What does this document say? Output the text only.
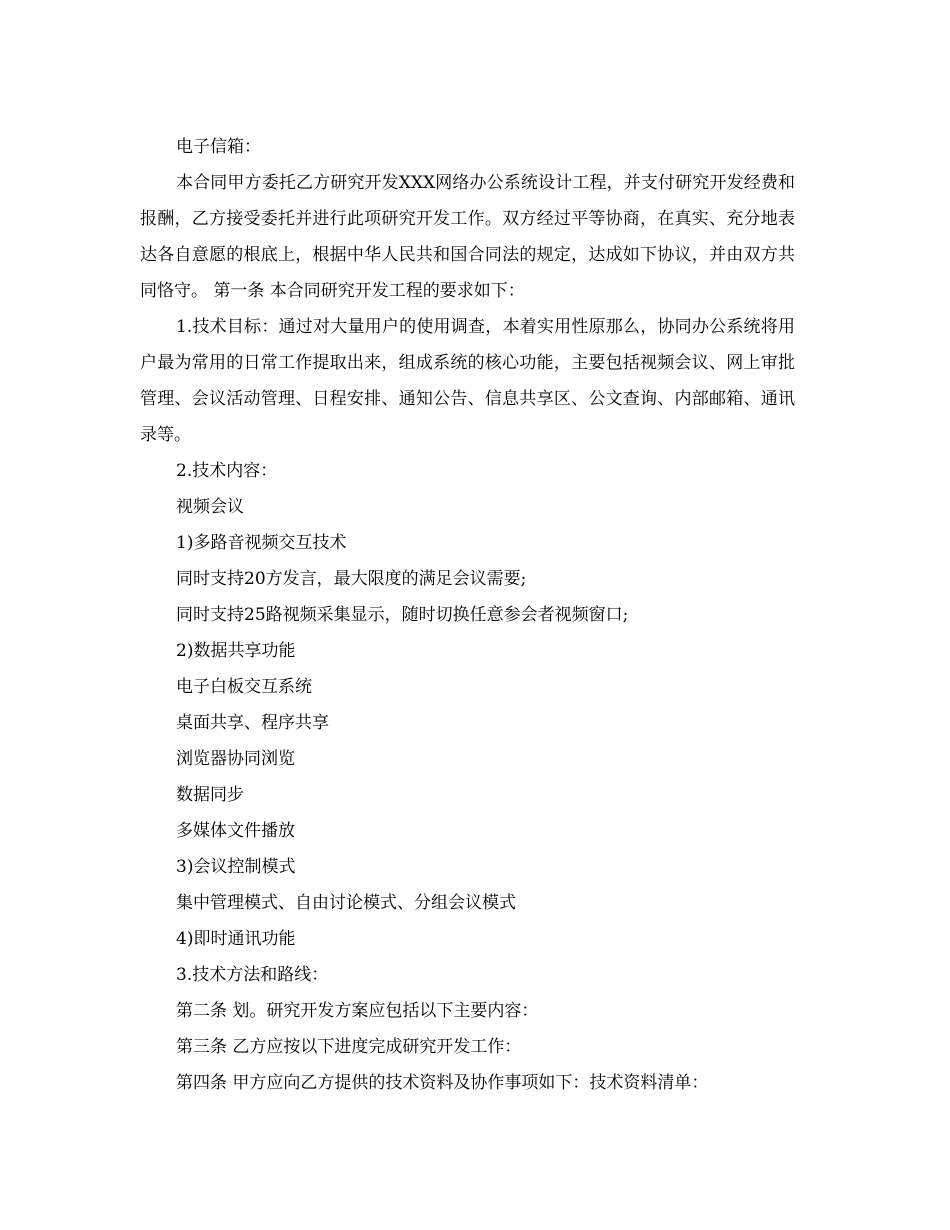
电子信箱：

本合同甲方委托乙方研究开发XXX网络办公系统设计工程，并支付研究开发经费和报酬，乙方接受委托并进行此项研究开发工作。双方经过平等协商，在真实、充分地表达各自意愿的根底上，根据中华人民共和国合同法的规定，达成如下协议，并由双方共同恪守。 第一条 本合同研究开发工程的要求如下：

1.技术目标：通过对大量用户的使用调查，本着实用性原那么，协同办公系统将用户最为常用的日常工作提取出来，组成系统的核心功能，主要包括视频会议、网上审批管理、会议活动管理、日程安排、通知公告、信息共享区、公文查询、内部邮箱、通讯录等。

2.技术内容：

视频会议

1)多路音视频交互技术

同时支持20方发言，最大限度的满足会议需要;

同时支持25路视频采集显示，随时切换任意参会者视频窗口;

2)数据共享功能

电子白板交互系统

桌面共享、程序共享

浏览器协同浏览

数据同步

多媒体文件播放

3)会议控制模式

集中管理模式、自由讨论模式、分组会议模式

4)即时通讯功能

3.技术方法和路线：

第二条 划。研究开发方案应包括以下主要内容：

第三条 乙方应按以下进度完成研究开发工作：

第四条 甲方应向乙方提供的技术资料及协作事项如下：技术资料清单：
